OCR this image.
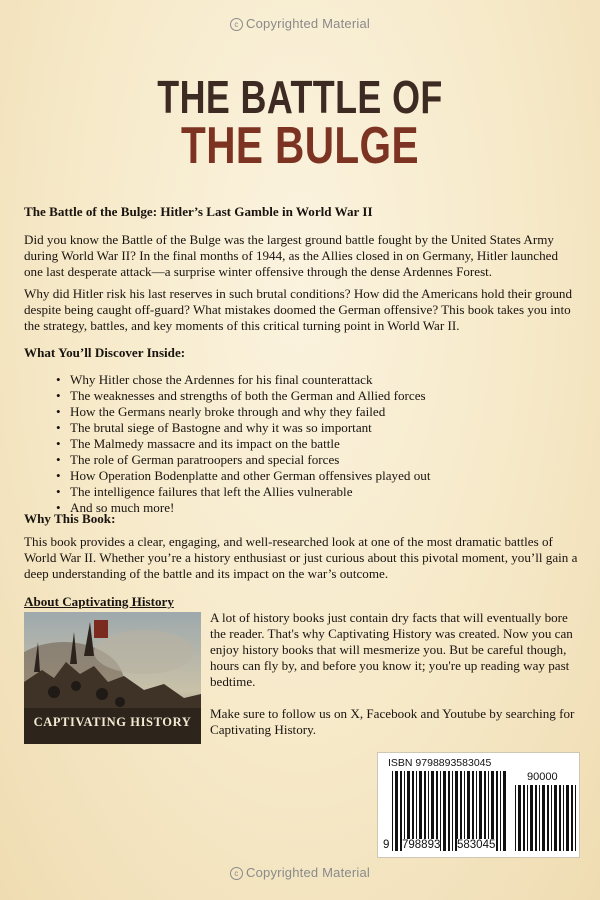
c Copyrighted Material
THE BATTLE OF
THE BULGE
The Battle of the Bulge: Hitler’s Last Gamble in World War II
Did you know the Battle of the Bulge was the largest ground battle fought by the United States Army during World War II? In the final months of 1944, as the Allies closed in on Germany, Hitler launched one last desperate attack—a surprise winter offensive through the dense Ardennes Forest.
Why did Hitler risk his last reserves in such brutal conditions? How did the Americans hold their ground despite being caught off-guard? What mistakes doomed the German offensive? This book takes you into the strategy, battles, and key moments of this critical turning point in World War II.
What You’ll Discover Inside:
• Why Hitler chose the Ardennes for his final counterattack
• The weaknesses and strengths of both the German and Allied forces
• How the Germans nearly broke through and why they failed
• The brutal siege of Bastogne and why it was so important
• The Malmedy massacre and its impact on the battle
• The role of German paratroopers and special forces
• How Operation Bodenplatte and other German offensives played out
• The intelligence failures that left the Allies vulnerable
• And so much more!
Why This Book:
This book provides a clear, engaging, and well-researched look at one of the most dramatic battles of World War II. Whether you’re a history enthusiast or just curious about this pivotal moment, you’ll gain a deep understanding of the battle and its impact on the war’s outcome.
About Captivating History
CAPTIVATING HISTORY

A lot of history books just contain dry facts that will eventually bore the reader. That's why Captivating History was created. Now you can enjoy history books that will mesmerize you. But be careful though, hours can fly by, and before you know it; you're up reading way past bedtime.

Make sure to follow us on X, Facebook and Youtube by searching for Captivating History.

ISBN 9798893583045
90000
9 798893 583045
c Copyrighted Material
